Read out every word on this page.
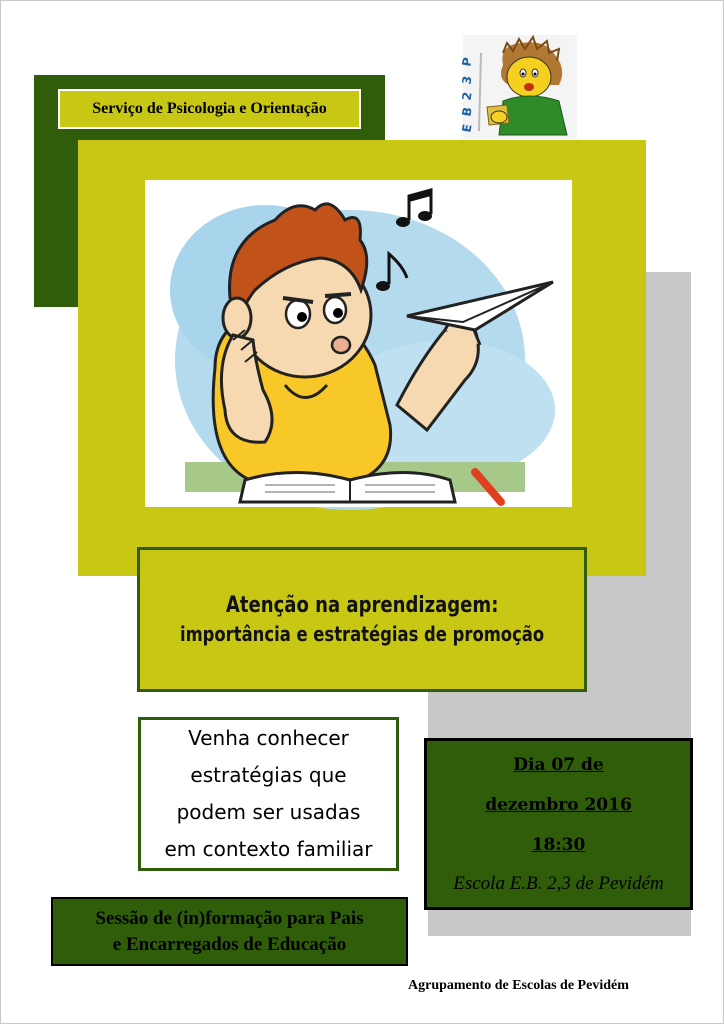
Serviço de Psicologia e Orientação
P
3
2
B
E
Atenção na aprendizagem:
importância e estratégias de promoção
Venha conhecer
estratégias que
podem ser usadas
em contexto familiar
Dia 07 de
dezembro 2016
18:30
Escola E.B. 2,3 de Pevidém
Sessão de (in)formação para Pais
e Encarregados de Educação
Agrupamento de Escolas de Pevidém
